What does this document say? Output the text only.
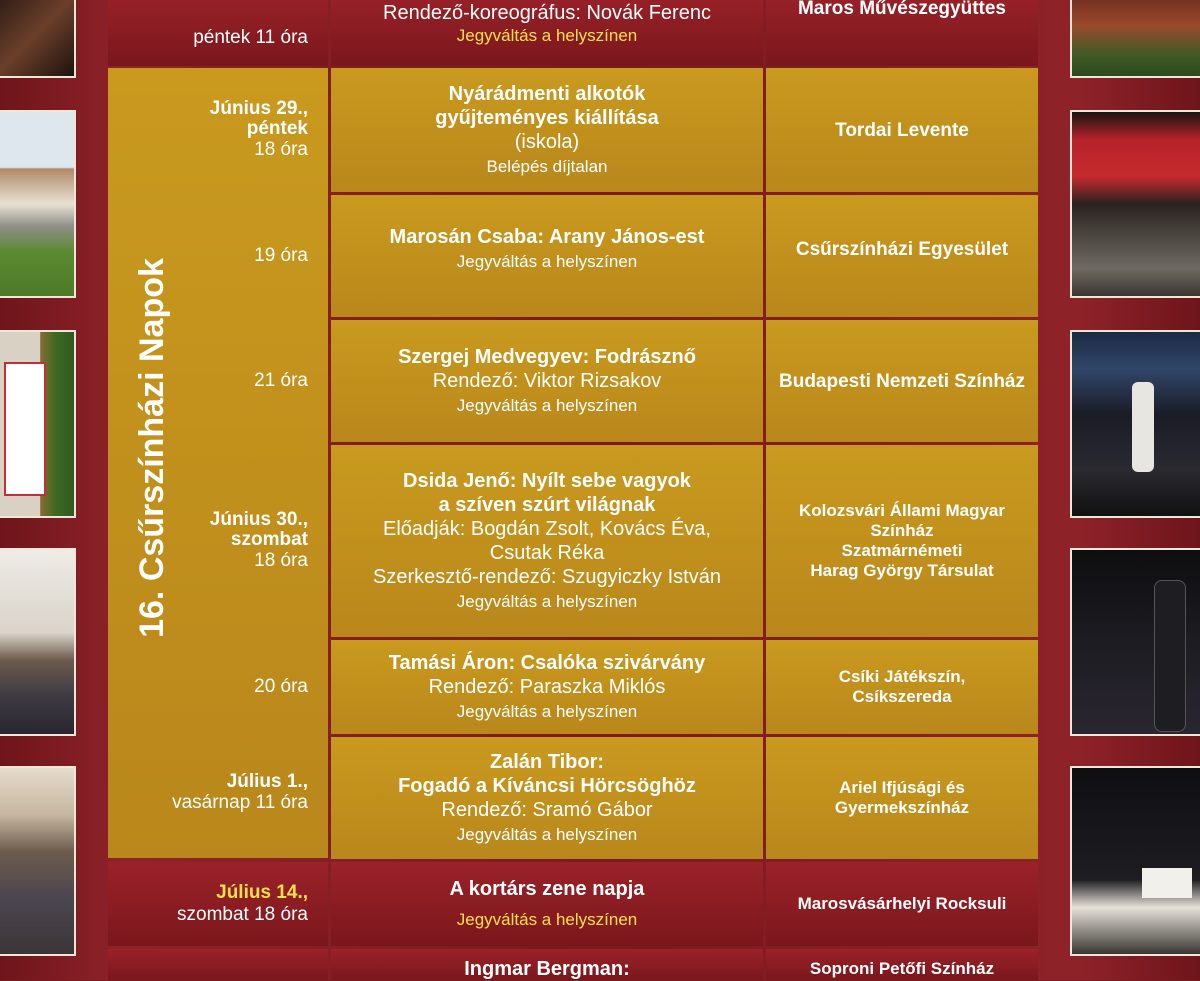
péntek 11 óra
Rendező-koreográfus: Novák Ferenc
Jegyváltás a helyszínen
Maros Művészegyüttes
16. Csűrszínházi Napok
Június 29.,
péntek
18 óra
19 óra
21 óra
Június 30.,
szombat
18 óra
20 óra
Július 1.,
vasárnap 11 óra
Nyárádmenti alkotók
gyűjteményes kiállítása
(iskola)
Belépés díjtalan
Tordai Levente
Marosán Csaba: Arany János-est
Jegyváltás a helyszínen
Csűrszínházi Egyesület
Szergej Medvegyev: Fodrásznő
Rendező: Viktor Rizsakov
Jegyváltás a helyszínen
Budapesti Nemzeti Színház
Dsida Jenő: Nyílt sebe vagyok
a szíven szúrt világnak
Előadják: Bogdán Zsolt, Kovács Éva,
Csutak Réka
Szerkesztő-rendező: Szugyiczky István
Jegyváltás a helyszínen
Kolozsvári Állami Magyar
Színház
Szatmárnémeti
Harag György Társulat
Tamási Áron: Csalóka szivárvány
Rendező: Paraszka Miklós
Jegyváltás a helyszínen
Csíki Játékszín,
Csíkszereda
Zalán Tibor:
Fogadó a Kíváncsi Hörcsöghöz
Rendező: Sramó Gábor
Jegyváltás a helyszínen
Ariel Ifjúsági és
Gyermekszínház
Július 14.,
szombat 18 óra
A kortárs zene napja
Jegyváltás a helyszínen
Marosvásárhelyi Rocksuli
Ingmar Bergman:	Soproni Petőfi Színház
